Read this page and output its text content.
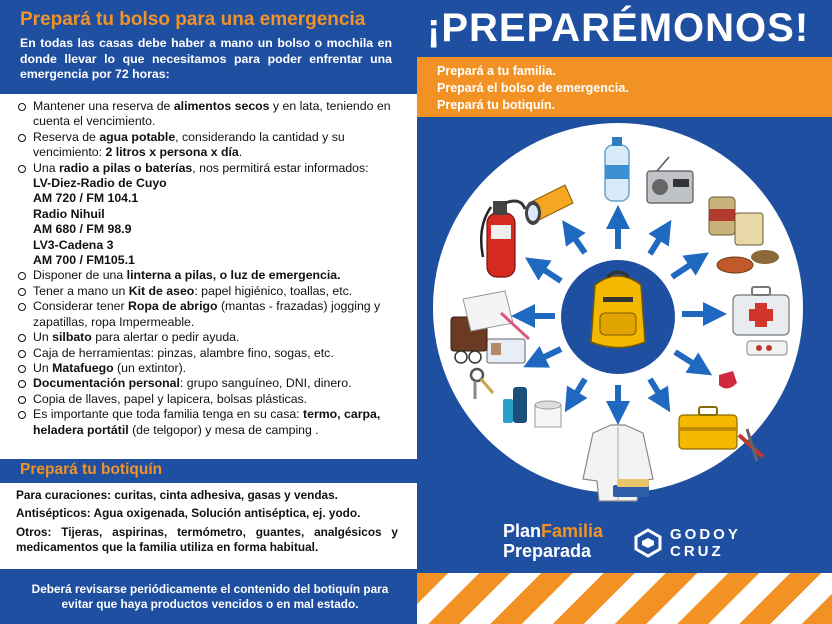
Prepará tu bolso para una emergencia
En todas las casas debe haber a mano un bolso o mochila en donde llevar lo que necesitamos para poder enfrentar una emergencia por 72 horas:
Mantener una reserva de alimentos secos y en lata, teniendo en cuenta el vencimiento.
Reserva de agua potable, considerando la cantidad y su vencimiento: 2 litros x persona x día.
Una radio a pilas o baterías, nos permitirá estar informados:
LV-Diez-Radio de Cuyo
AM 720 / FM 104.1
Radio Nihuil
AM 680 / FM 98.9
LV3-Cadena 3
AM 700 / FM105.1
Disponer de una linterna a pilas, o luz de emergencia.
Tener a mano un Kit de aseo: papel higiénico, toallas, etc.
Considerar tener Ropa de abrigo (mantas - frazadas) jogging y zapatillas, ropa Impermeable.
Un silbato para alertar o pedir ayuda.
Caja de herramientas: pinzas, alambre fino, sogas, etc.
Un Matafuego (un extintor).
Documentación personal: grupo sanguíneo, DNI, dinero.
Copia de llaves, papel y lapicera, bolsas plásticas.
Es importante que toda familia tenga en su casa: termo, carpa, heladera portátil (de telgopor) y mesa de camping .
Prepará tu botiquín

Para curaciones: curitas, cinta adhesiva, gasas y vendas.

Antisépticos: Agua oxigenada, Solución antiséptica, ej. yodo.

Otros: Tijeras, aspirinas, termómetro, guantes, analgésicos y medicamentos que la familia utiliza en forma habitual.

Deberá revisarse periódicamente el contenido del botiquín para evitar que haya productos vencidos o en mal estado.
¡PREPARÉMONOS!
Prepará a tu familia.
Prepará el bolso de emergencia.
Prepará tu botiquín.
PlanFamilia
Preparada
GODOY
CRUZ
